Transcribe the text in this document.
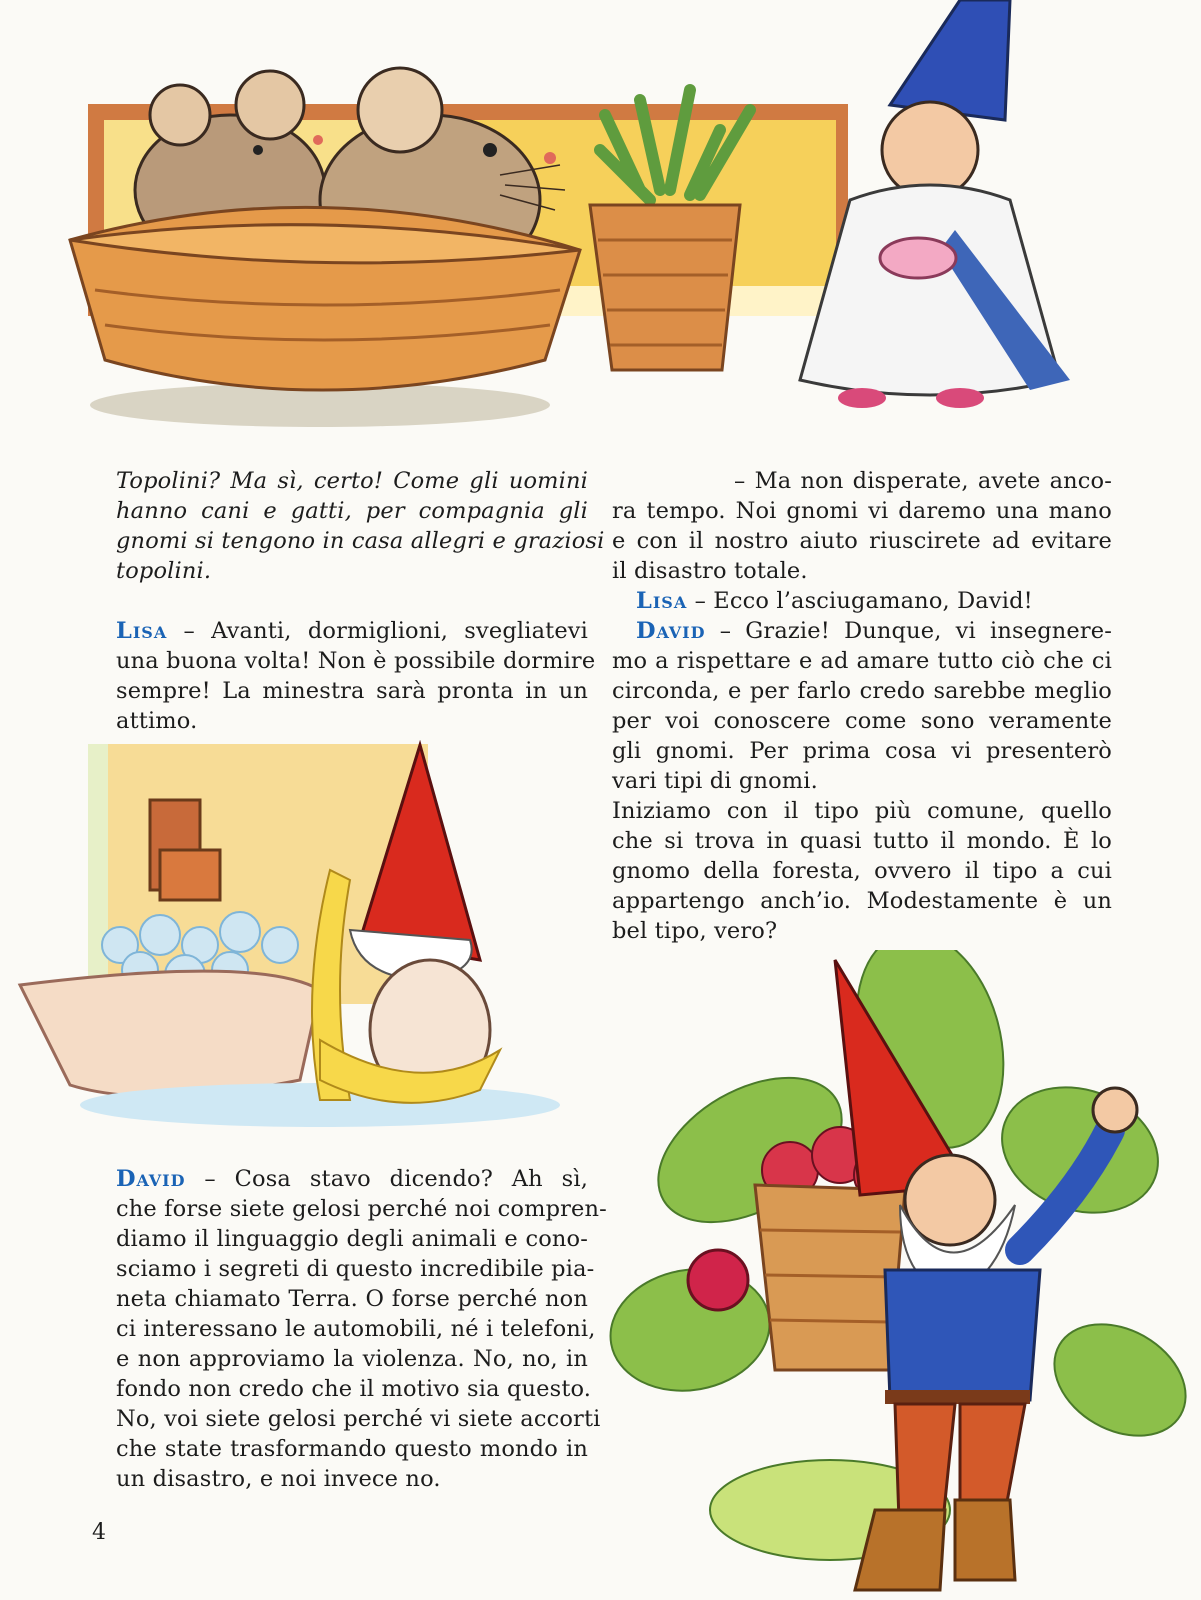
Topolini? Ma sì, certo! Come gli uomini
hanno cani e gatti, per compagnia gli
gnomi si tengono in casa allegri e graziosi
topolini.

Lisa – Avanti, dormiglioni, svegliatevi
una buona volta! Non è possibile dormire
sempre! La minestra sarà pronta in un
attimo.

David – Cosa stavo dicendo? Ah sì,
che forse siete gelosi perché noi compren-
diamo il linguaggio degli animali e cono-
sciamo i segreti di questo incredibile pia-
neta chiamato Terra. O forse perché non
ci interessano le automobili, né i telefoni,
e non approviamo la violenza. No, no, in
fondo non credo che il motivo sia questo.
No, voi siete gelosi perché vi siete accorti
che state trasformando questo mondo in
un disastro, e noi invece no.

– Ma non disperate, avete anco-
ra tempo. Noi gnomi vi daremo una mano
e con il nostro aiuto riuscirete ad evitare
il disastro totale.

Lisa – Ecco l’asciugamano, David!

David – Grazie! Dunque, vi insegnere-
mo a rispettare e ad amare tutto ciò che ci
circonda, e per farlo credo sarebbe meglio
per voi conoscere come sono veramente
gli gnomi. Per prima cosa vi presenterò
vari tipi di gnomi.
Iniziamo con il tipo più comune, quello
che si trova in quasi tutto il mondo. È lo
gnomo della foresta, ovvero il tipo a cui
appartengo anch’io. Modestamente è un
bel tipo, vero?

4
